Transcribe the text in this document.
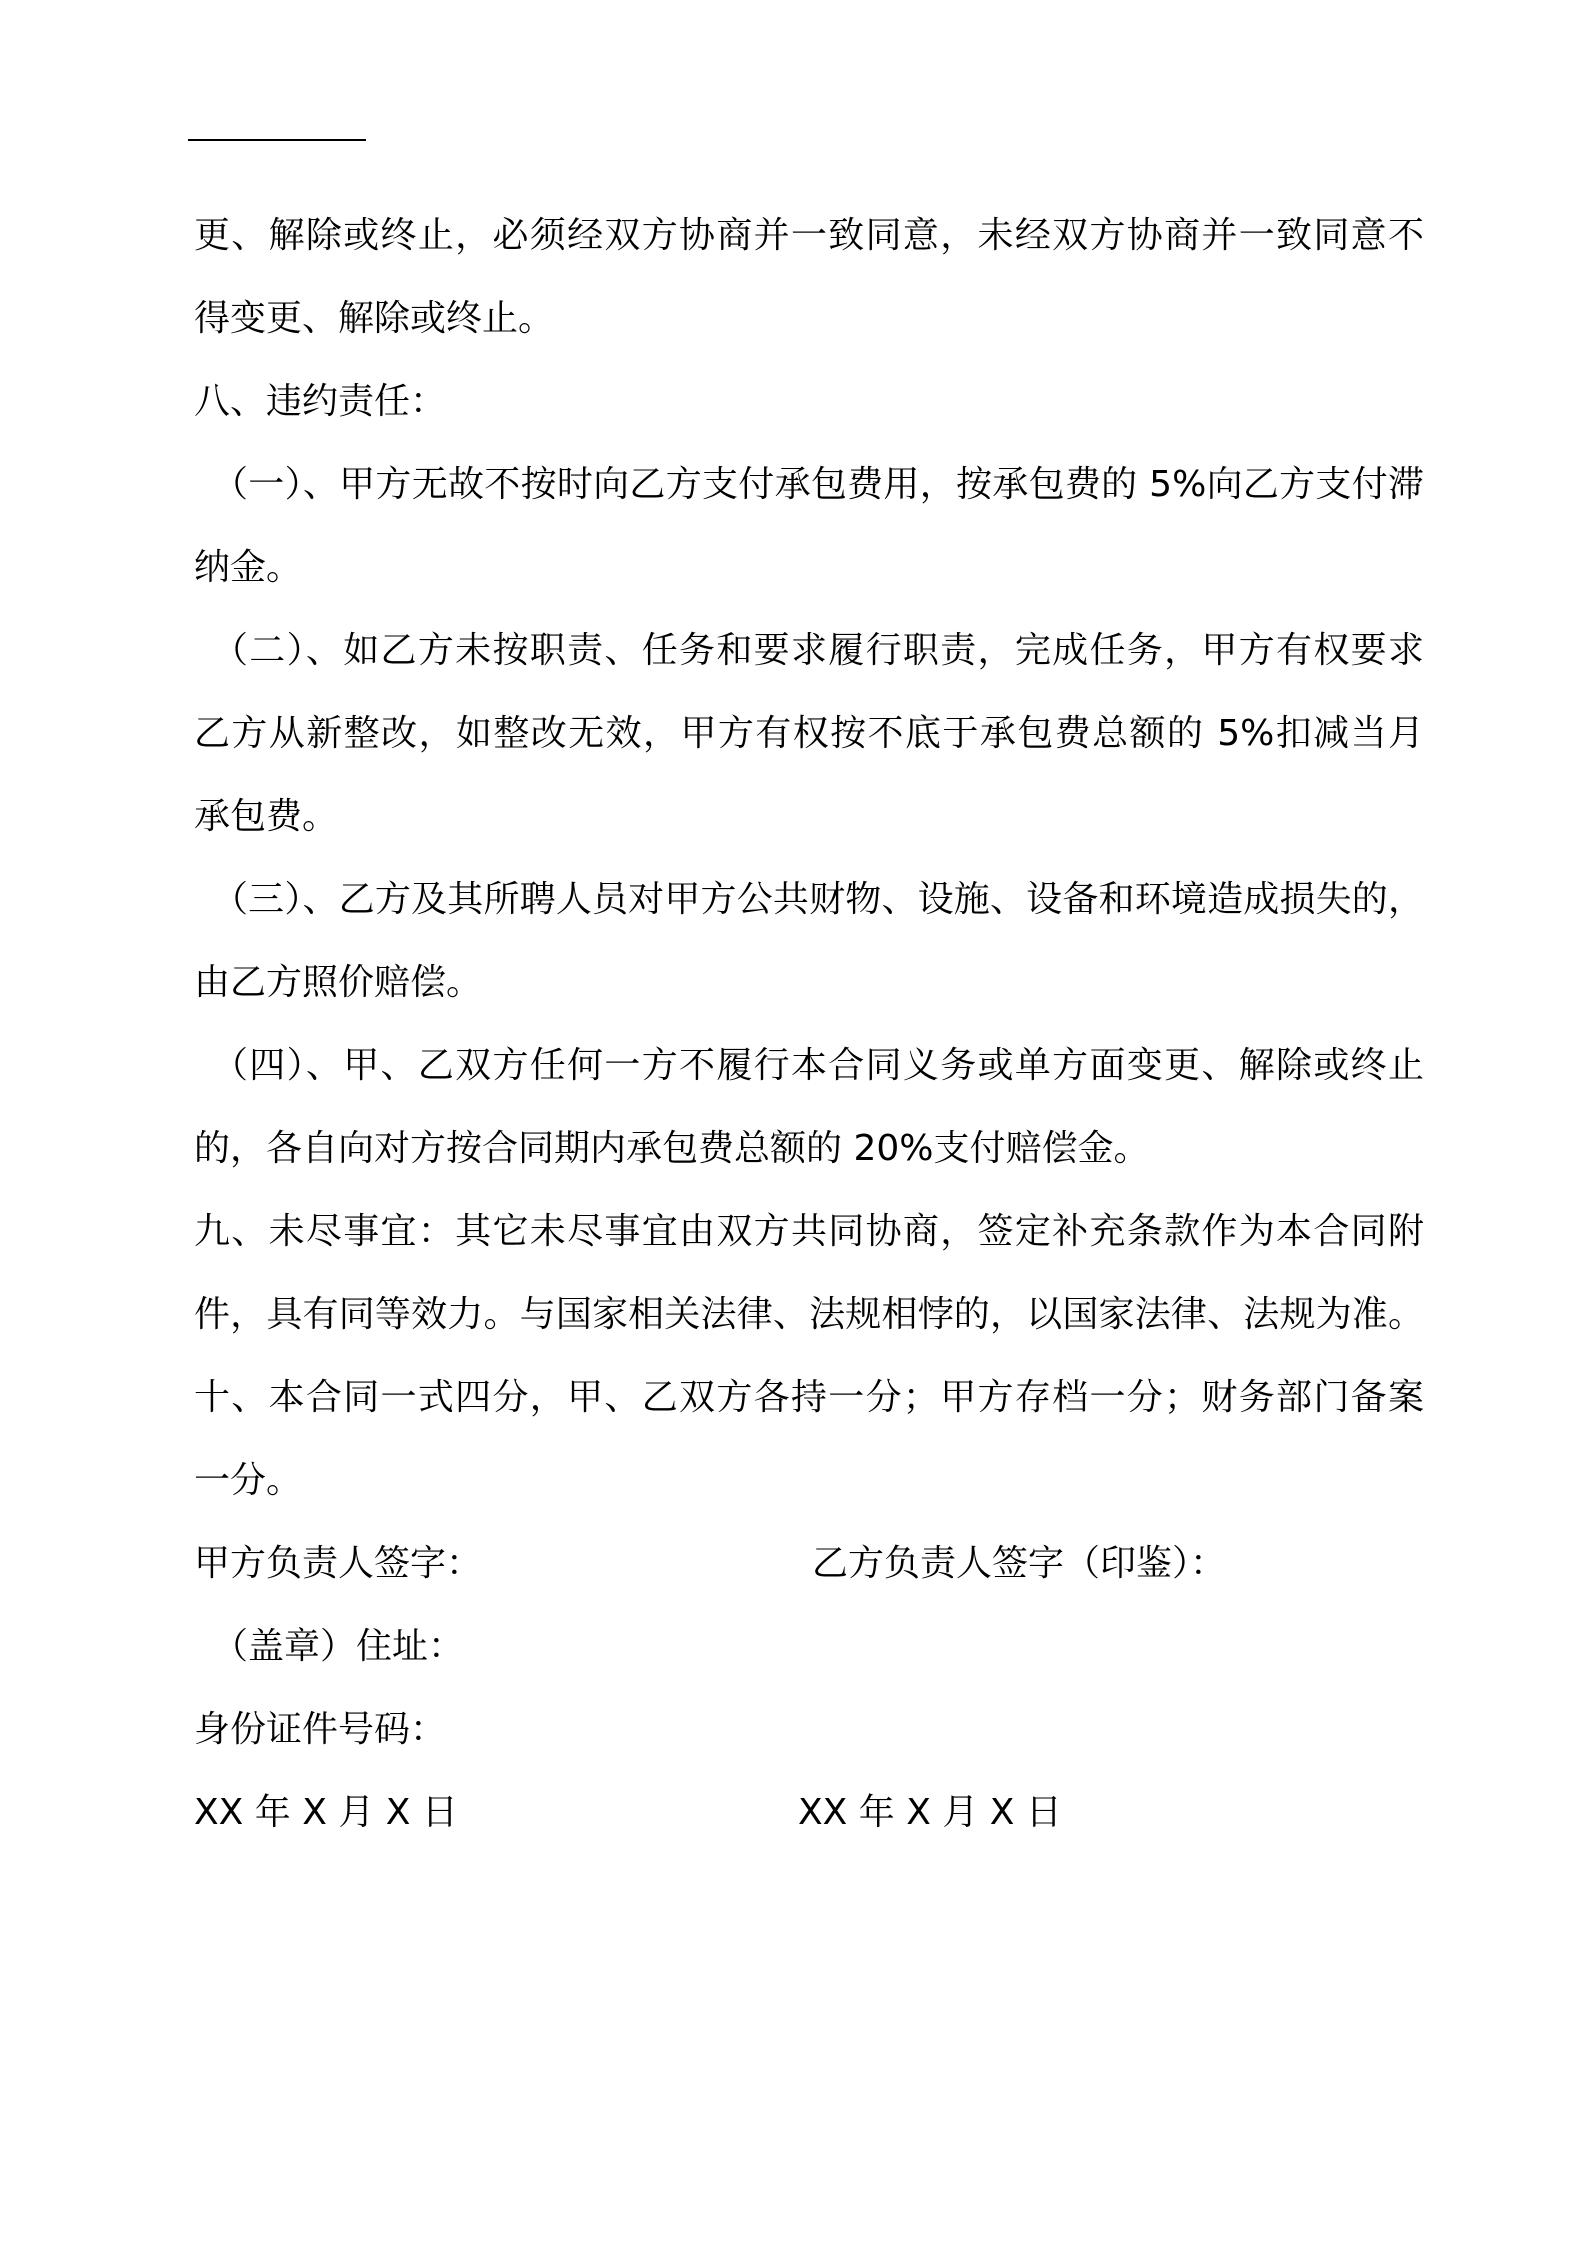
更、解除或终止，必须经双方协商并一致同意，未经双方协商并一致同意不
得变更、解除或终止。
八、违约责任：
（一）、甲方无故不按时向乙方支付承包费用，按承包费的 5%向乙方支付滞
纳金。
（二）、如乙方未按职责、任务和要求履行职责，完成任务，甲方有权要求
乙方从新整改，如整改无效，甲方有权按不底于承包费总额的 5%扣减当月
承包费。
（三）、乙方及其所聘人员对甲方公共财物、设施、设备和环境造成损失的，
由乙方照价赔偿。
（四）、甲、乙双方任何一方不履行本合同义务或单方面变更、解除或终止
的，各自向对方按合同期内承包费总额的 20%支付赔偿金。
九、未尽事宜：其它未尽事宜由双方共同协商，签定补充条款作为本合同附
件，具有同等效力。与国家相关法律、法规相悖的，以国家法律、法规为准。
十、本合同一式四分，甲、乙双方各持一分；甲方存档一分；财务部门备案
一分。
甲方负责人签字：	乙方负责人签字（印鉴）：
（盖章）住址：
身份证件号码：
XX 年 X 月 X 日	XX 年 X 月 X 日
